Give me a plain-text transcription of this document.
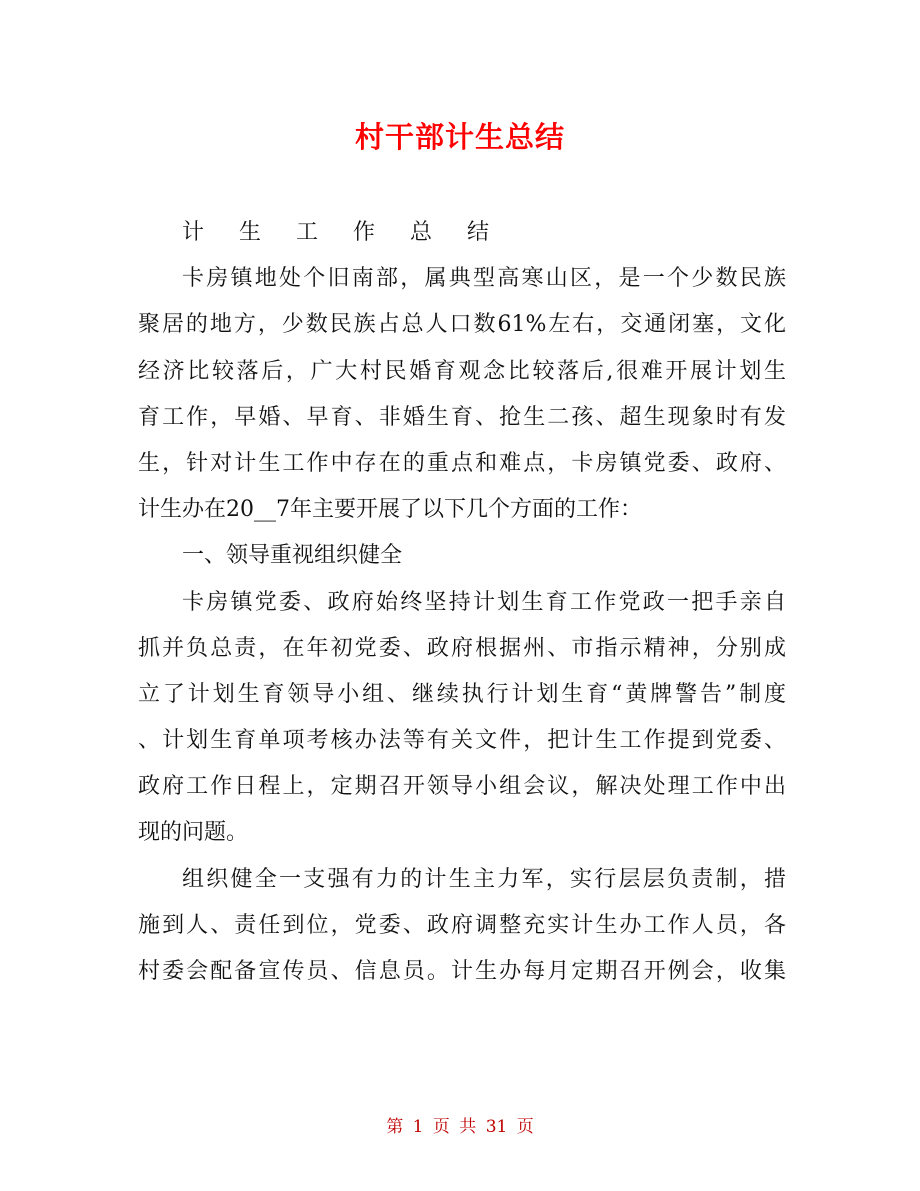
村干部计生总结
计 生 工 作 总 结
卡房镇地处个旧南部，属典型高寒山区，是一个少数民族
聚居的地方，少数民族占总人口数61%左右，交通闭塞，文化
经济比较落后，广大村民婚育观念比较落后,很难开展计划生
育工作，早婚、早育、非婚生育、抢生二孩、超生现象时有发
生，针对计生工作中存在的重点和难点，卡房镇党委、政府、
计生办在20__7年主要开展了以下几个方面的工作：
一、领导重视组织健全
卡房镇党委、政府始终坚持计划生育工作党政一把手亲自
抓并负总责，在年初党委、政府根据州、市指示精神，分别成
立了计划生育领导小组、继续执行计划生育“黄牌警告”制度
、计划生育单项考核办法等有关文件，把计生工作提到党委、
政府工作日程上，定期召开领导小组会议，解决处理工作中出
现的问题。
组织健全一支强有力的计生主力军，实行层层负责制，措
施到人、责任到位，党委、政府调整充实计生办工作人员，各
村委会配备宣传员、信息员。计生办每月定期召开例会，收集
第 1 页 共 31 页
